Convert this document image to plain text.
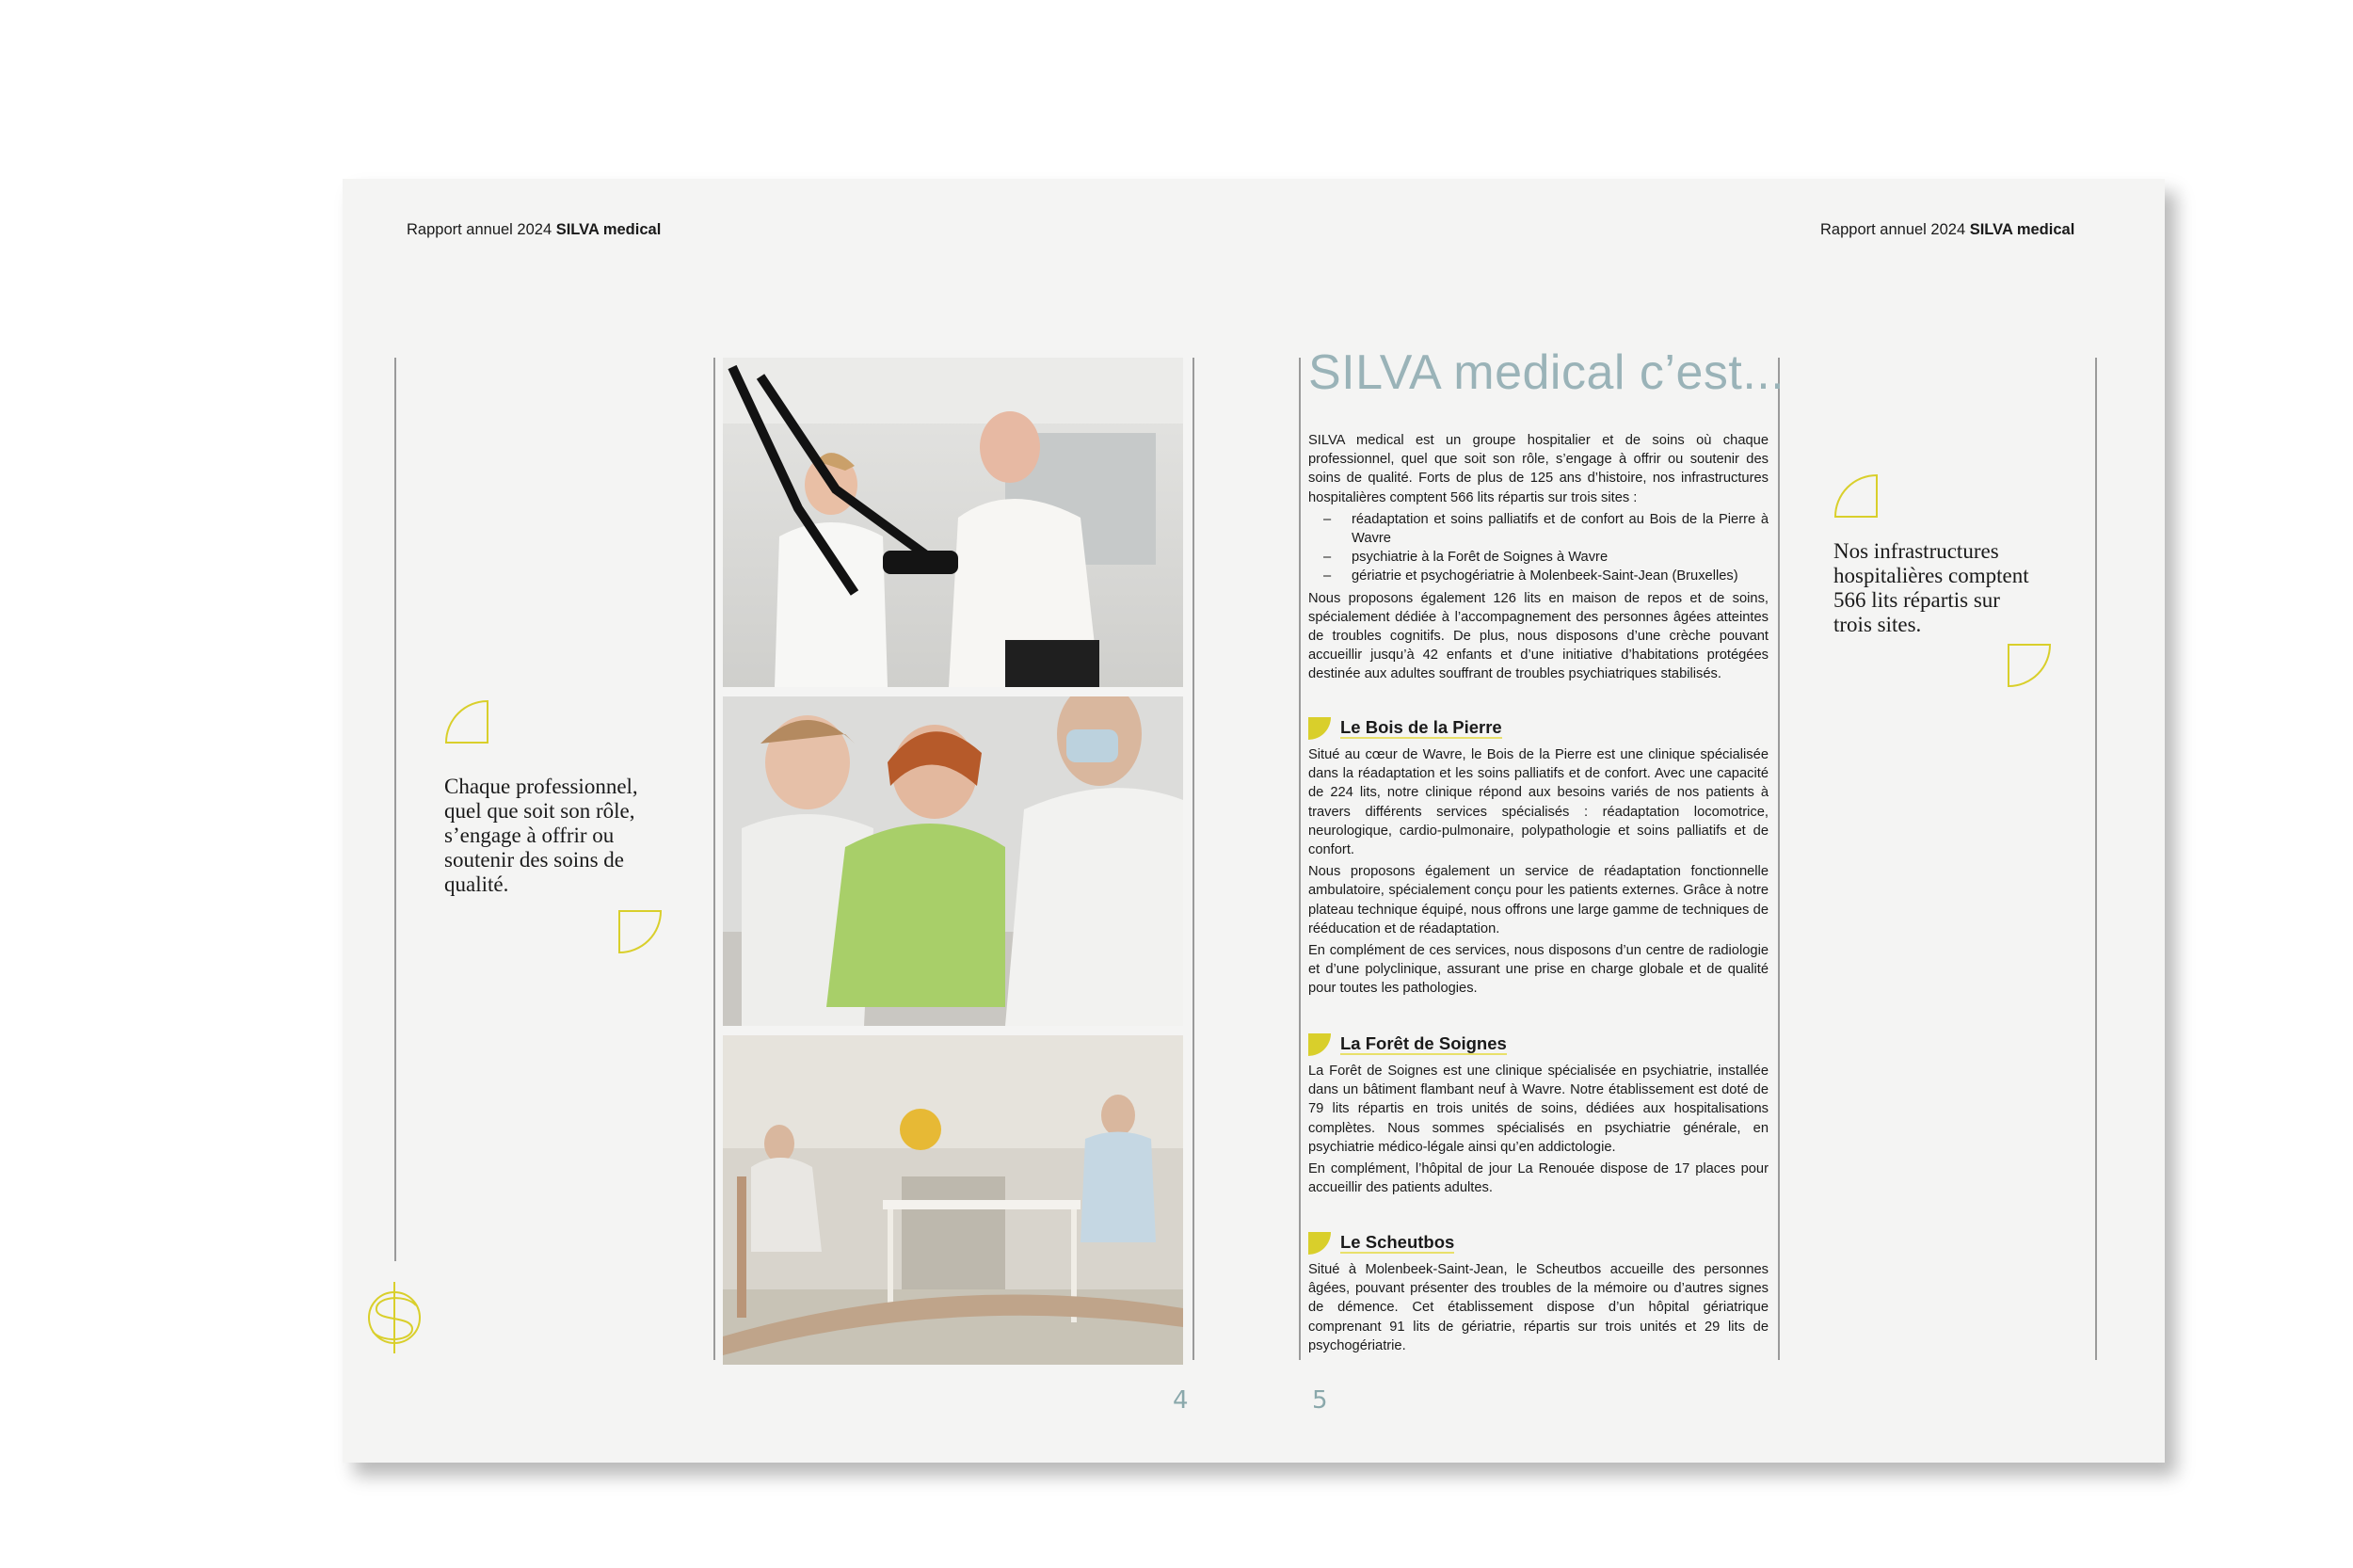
Rapport annuel 2024 SILVA medical	Rapport annuel 2024 SILVA medical
Chaque professionnel, quel que soit son rôle, s’engage à offrir ou soutenir des soins de qualité.
4	5
SILVA medical c’est...

SILVA medical est un groupe hospitalier et de soins où chaque professionnel, quel que soit son rôle, s’engage à offrir ou soutenir des soins de qualité. Forts de plus de 125 ans d’histoire, nos infrastructures hospitalières comptent 566 lits répartis sur trois sites :

– réadaptation et soins palliatifs et de confort au Bois de la Pierre à Wavre
– psychiatrie à la Forêt de Soignes à Wavre
– gériatrie et psychogériatrie à Molenbeek-Saint-Jean (Bruxelles)

Nous proposons également 126 lits en maison de repos et de soins, spécialement dédiée à l’accompagnement des personnes âgées atteintes de troubles cognitifs. De plus, nous disposons d’une crèche pouvant accueillir jusqu’à 42 enfants et d’une initiative d’habitations protégées destinée aux adultes souffrant de troubles psychiatriques stabilisés.

Le Bois de la Pierre

Situé au cœur de Wavre, le Bois de la Pierre est une clinique spécialisée dans la réadaptation et les soins palliatifs et de confort. Avec une capacité de 224 lits, notre clinique répond aux besoins variés de nos patients à travers différents services spécialisés : réadaptation locomotrice, neurologique, cardio-pulmonaire, polypathologie et soins palliatifs et de confort.

Nous proposons également un service de réadaptation fonctionnelle ambulatoire, spécialement conçu pour les patients externes. Grâce à notre plateau technique équipé, nous offrons une large gamme de techniques de rééducation et de réadaptation.

En complément de ces services, nous disposons d’un centre de radiologie et d’une polyclinique, assurant une prise en charge globale et de qualité pour toutes les pathologies.

La Forêt de Soignes

La Forêt de Soignes est une clinique spécialisée en psychiatrie, installée dans un bâtiment flambant neuf à Wavre. Notre établissement est doté de 79 lits répartis en trois unités de soins, dédiées aux hospitalisations complètes. Nous sommes spécialisés en psychiatrie générale, en psychiatrie médico-légale ainsi qu’en addictologie.

En complément, l’hôpital de jour La Renouée dispose de 17 places pour accueillir des patients adultes.

Le Scheutbos

Situé à Molenbeek-Saint-Jean, le Scheutbos accueille des personnes âgées, pouvant présenter des troubles de la mémoire ou d’autres signes de démence. Cet établissement dispose d’un hôpital gériatrique comprenant 91 lits de gériatrie, répartis sur trois unités et 29 lits de psychogériatrie.

Nos infrastructures hospitalières comptent 566 lits répartis sur trois sites.
